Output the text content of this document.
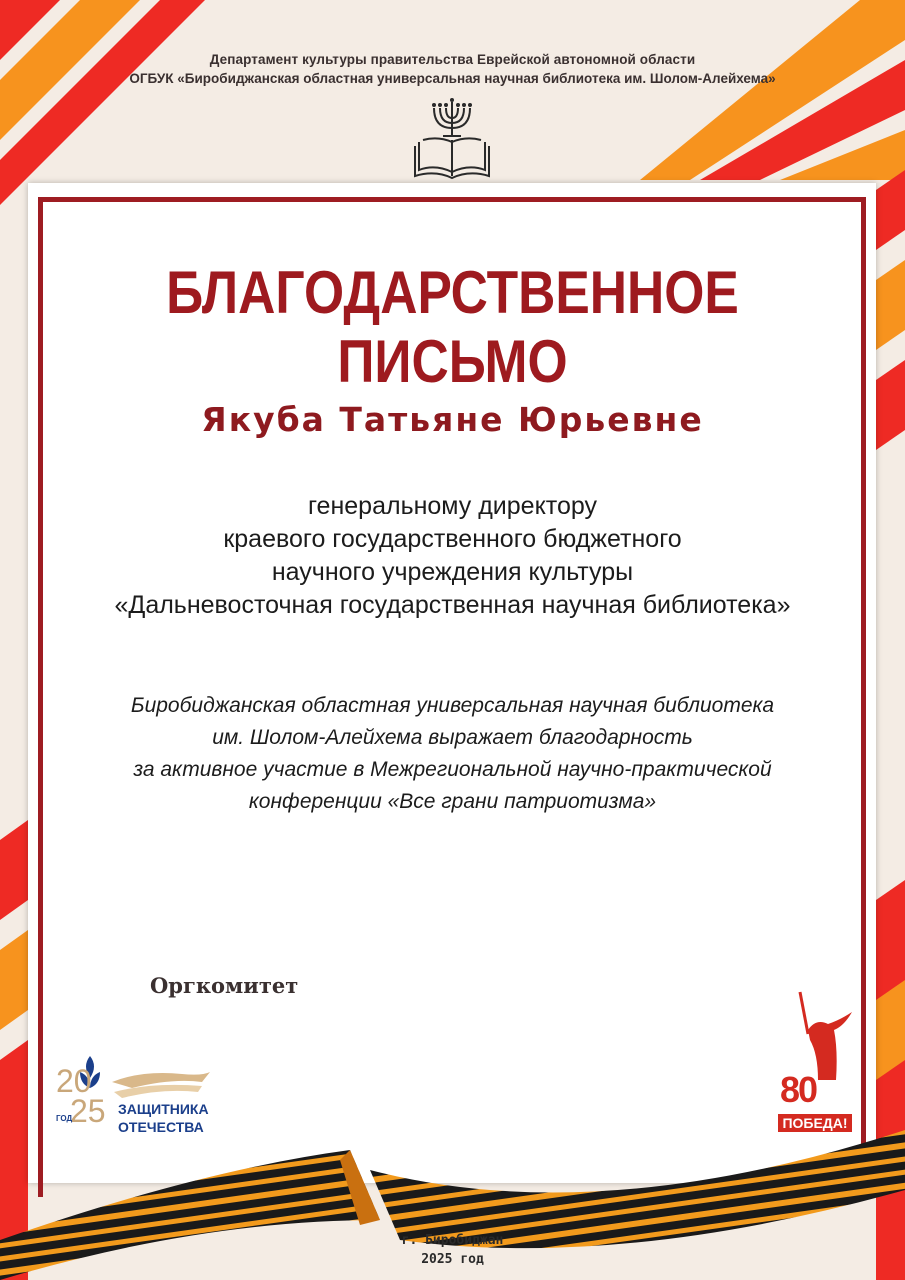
Департамент культуры правительства Еврейской автономной области
ОГБУК «Биробиджанская областная универсальная научная библиотека им. Шолом-Алейхема»
БЛАГОДАРСТВЕННОЕ ПИСЬМО
Якуба Татьяне Юрьевне
генеральному директору
краевого государственного бюджетного
научного учреждения культуры
«Дальневосточная государственная научная библиотека»
Биробиджанская областная универсальная научная библиотека
им. Шолом-Алейхема выражает благодарность
за активное участие в Межрегиональной научно-практической
конференции «Все грани патриотизма»
Оргкомитет
20
25
ГОД
ЗАЩИТНИКА
ОТЕЧЕСТВА
80
ПОБЕДА!
г. Биробиджан
2025 год
